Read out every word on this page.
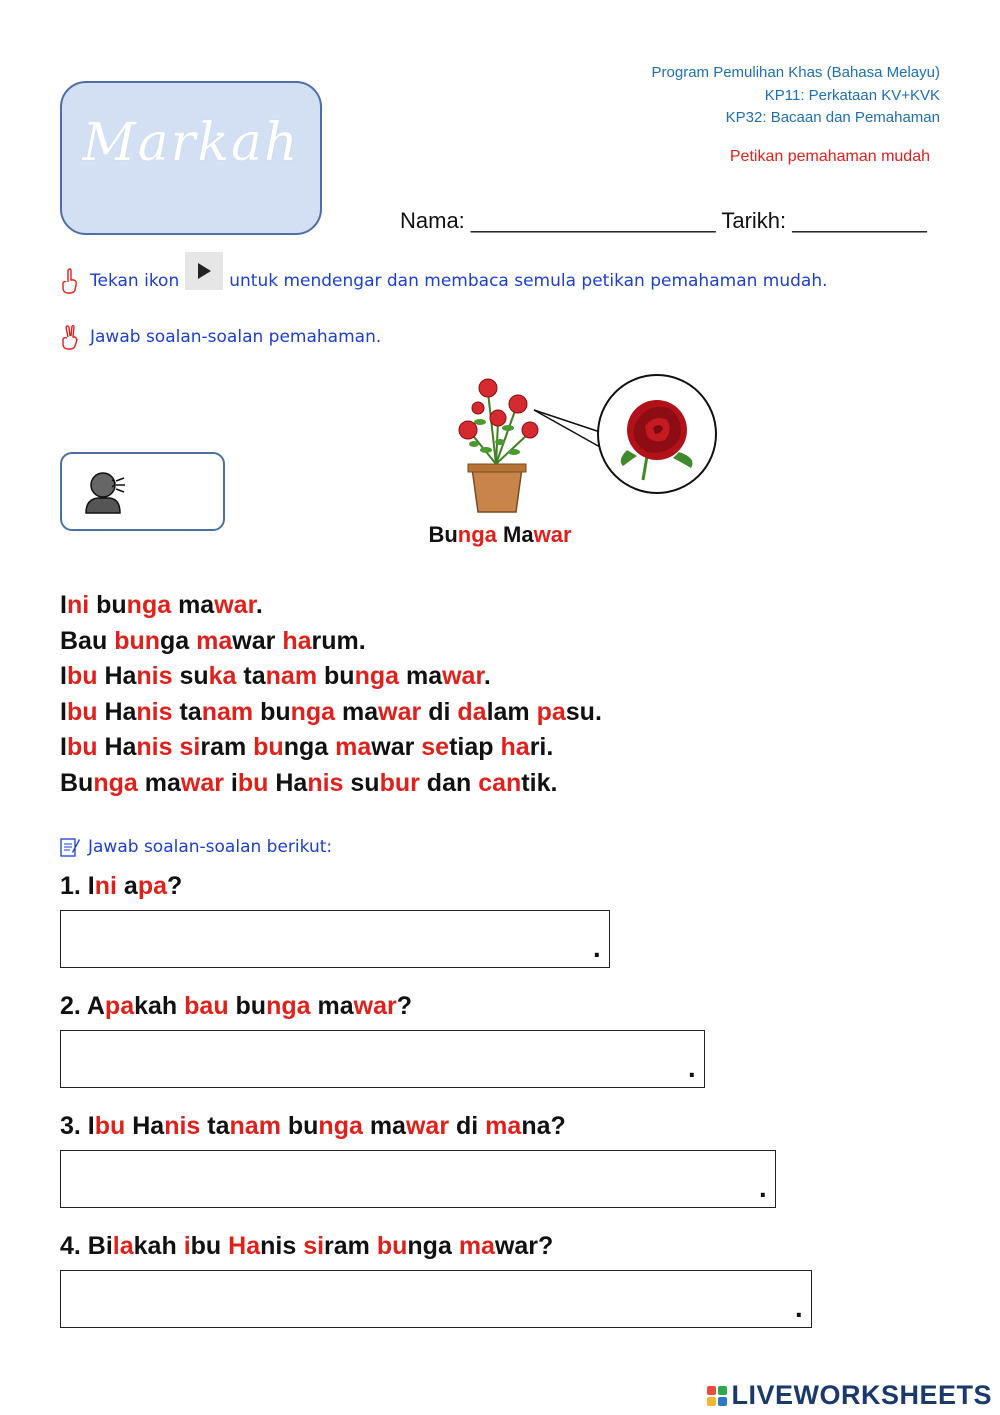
Markah
Program Pemulihan Khas (Bahasa Melayu)
KP11: Perkataan KV+KVK
KP32: Bacaan dan Pemahaman
Petikan pemahaman mudah
Nama: ____________________ Tarikh: ___________
Tekan ikon	untuk mendengar dan membaca semula petikan pemahaman mudah.
Jawab soalan-soalan pemahaman.
Bunga Mawar
Ini bunga mawar.
Bau bunga mawar harum.
Ibu Hanis suka tanam bunga mawar.
Ibu Hanis tanam bunga mawar di dalam pasu.
Ibu Hanis siram bunga mawar setiap hari.
Bunga mawar ibu Hanis subur dan cantik.
Jawab soalan-soalan berikut:
1. Ini apa?
.
2. Apakah bau bunga mawar?
.
3. Ibu Hanis tanam bunga mawar di mana?
.
4. Bilakah ibu Hanis siram bunga mawar?
.
LIVEWORKSHEETS
